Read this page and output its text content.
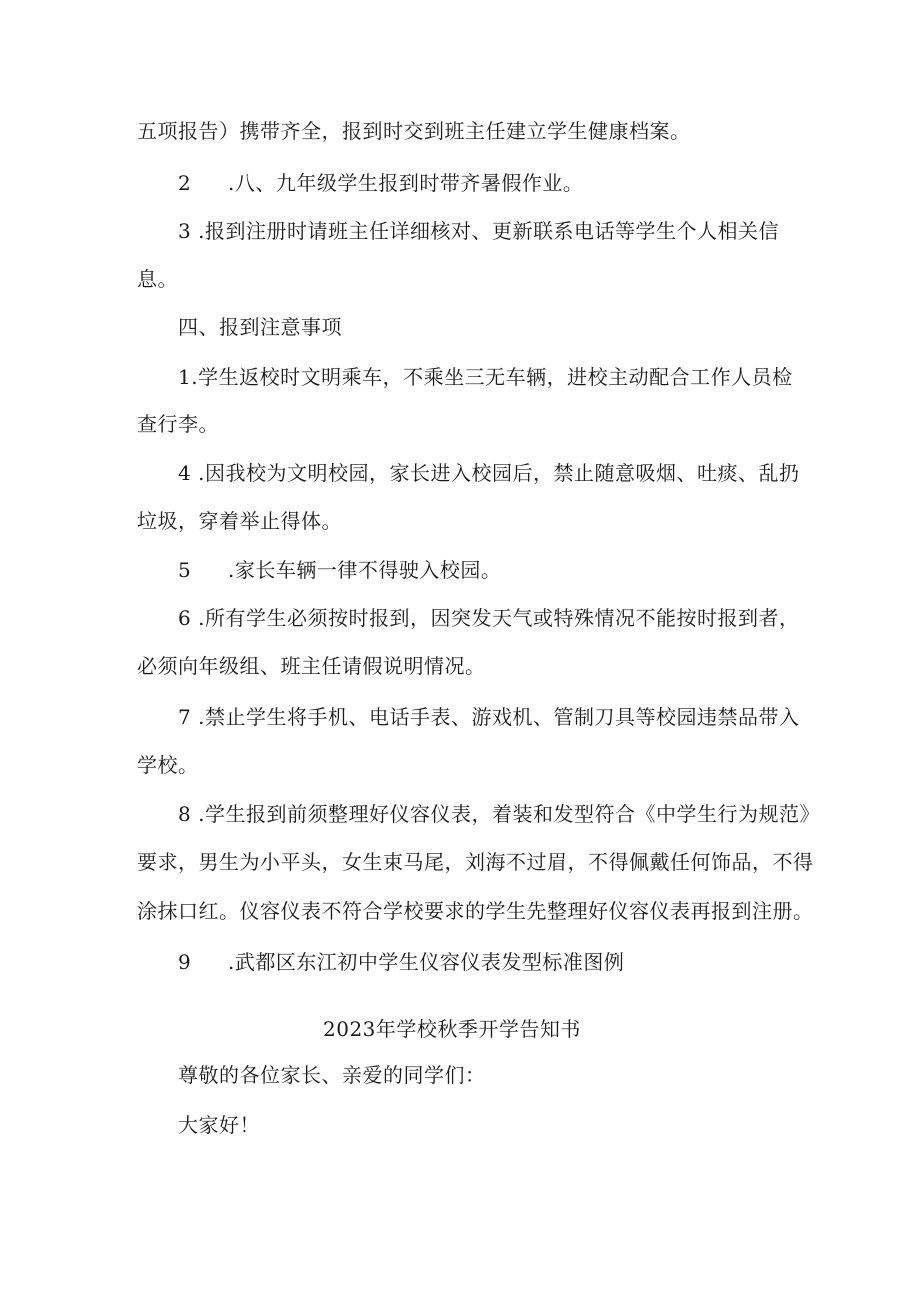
五项报告）携带齐全，报到时交到班主任建立学生健康档案。
2 .八、九年级学生报到时带齐暑假作业。
3 .报到注册时请班主任详细核对、更新联系电话等学生个人相关信
息。
四、报到注意事项
1.学生返校时文明乘车，不乘坐三无车辆，进校主动配合工作人员检
查行李。
4 .因我校为文明校园，家长进入校园后，禁止随意吸烟、吐痰、乱扔
垃圾，穿着举止得体。
5 .家长车辆一律不得驶入校园。
6 .所有学生必须按时报到，因突发天气或特殊情况不能按时报到者，
必须向年级组、班主任请假说明情况。
7 .禁止学生将手机、电话手表、游戏机、管制刀具等校园违禁品带入
学校。
8 .学生报到前须整理好仪容仪表，着装和发型符合《中学生行为规范》
要求，男生为小平头，女生束马尾，刘海不过眉，不得佩戴任何饰品，不得
涂抹口红。仪容仪表不符合学校要求的学生先整理好仪容仪表再报到注册。
9 .武都区东江初中学生仪容仪表发型标准图例
2023年学校秋季开学告知书
尊敬的各位家长、亲爱的同学们：
大家好！
